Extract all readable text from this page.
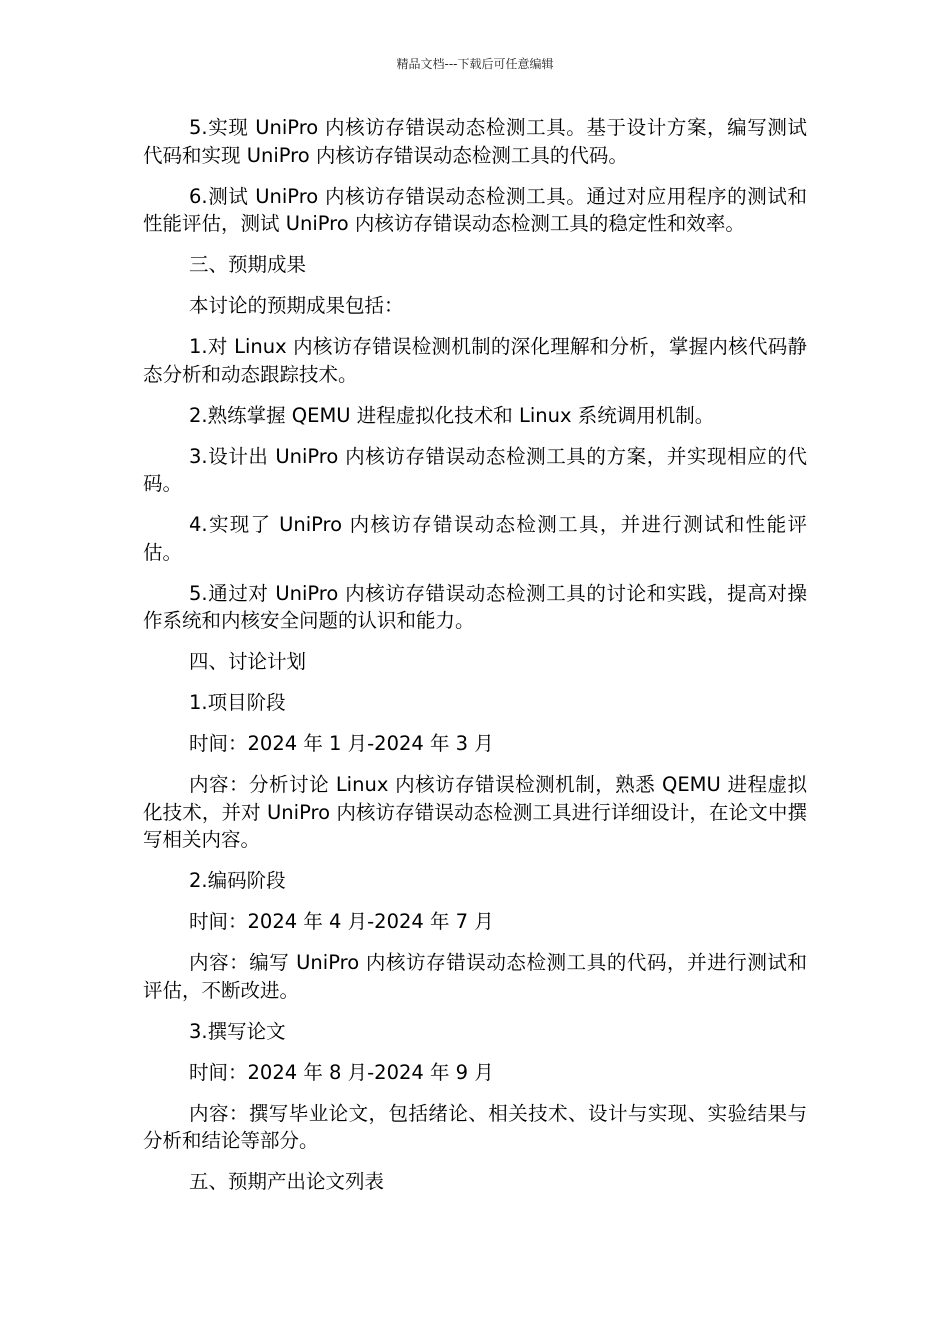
精品文档---下载后可任意编辑

5.实现 UniPro 内核访存错误动态检测工具。基于设计方案，编写测试代码和实现 UniPro 内核访存错误动态检测工具的代码。

6.测试 UniPro 内核访存错误动态检测工具。通过对应用程序的测试和性能评估，测试 UniPro 内核访存错误动态检测工具的稳定性和效率。

三、预期成果

本讨论的预期成果包括：

1.对 Linux 内核访存错误检测机制的深化理解和分析，掌握内核代码静态分析和动态跟踪技术。

2.熟练掌握 QEMU 进程虚拟化技术和 Linux 系统调用机制。

3.设计出 UniPro 内核访存错误动态检测工具的方案，并实现相应的代码。

4.实现了 UniPro 内核访存错误动态检测工具，并进行测试和性能评估。

5.通过对 UniPro 内核访存错误动态检测工具的讨论和实践，提高对操作系统和内核安全问题的认识和能力。

四、讨论计划

1.项目阶段

时间：2024 年 1 月-2024 年 3 月

内容：分析讨论 Linux 内核访存错误检测机制，熟悉 QEMU 进程虚拟化技术，并对 UniPro 内核访存错误动态检测工具进行详细设计，在论文中撰写相关内容。

2.编码阶段

时间：2024 年 4 月-2024 年 7 月

内容：编写 UniPro 内核访存错误动态检测工具的代码，并进行测试和评估，不断改进。

3.撰写论文

时间：2024 年 8 月-2024 年 9 月

内容：撰写毕业论文，包括绪论、相关技术、设计与实现、实验结果与分析和结论等部分。

五、预期产出论文列表
